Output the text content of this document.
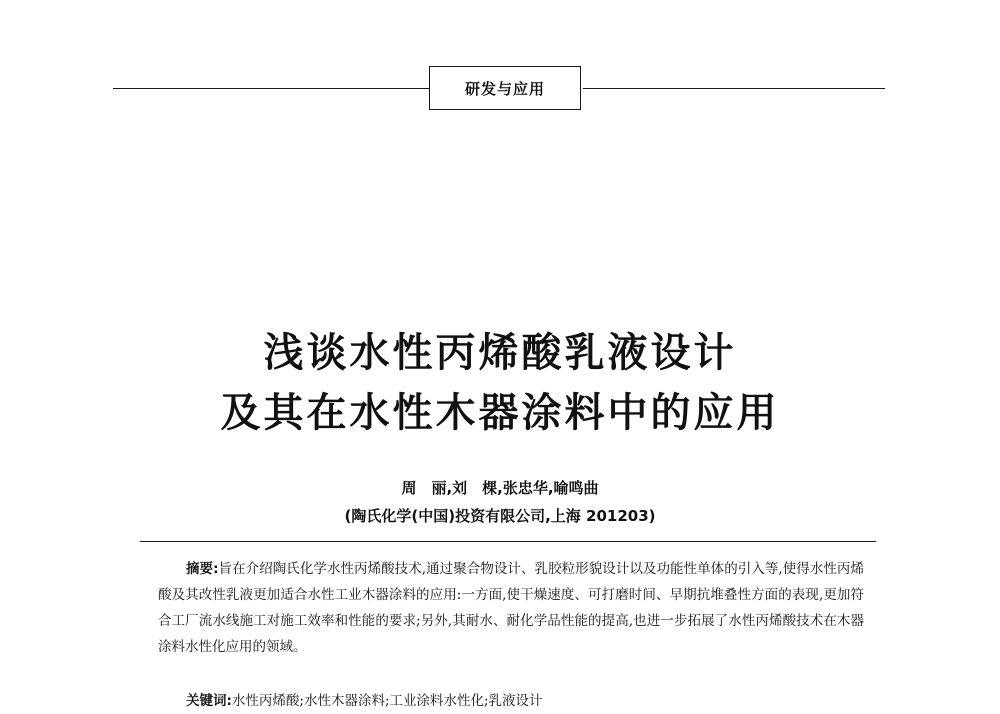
研发与应用
浅谈水性丙烯酸乳液设计
及其在水性木器涂料中的应用
周　丽,刘　棵,张忠华,喻鸣曲
(陶氏化学(中国)投资有限公司,上海 201203)

摘要:旨在介绍陶氏化学水性丙烯酸技术,通过聚合物设计、乳胶粒形貌设计以及功能性单体的引入等,使得水性丙烯酸及其改性乳液更加适合水性工业木器涂料的应用:一方面,使干燥速度、可打磨时间、早期抗堆叠性方面的表现,更加符合工厂流水线施工对施工效率和性能的要求;另外,其耐水、耐化学品性能的提高,也进一步拓展了水性丙烯酸技术在木器涂料水性化应用的领域。

关键词:水性丙烯酸;水性木器涂料;工业涂料水性化;乳液设计
